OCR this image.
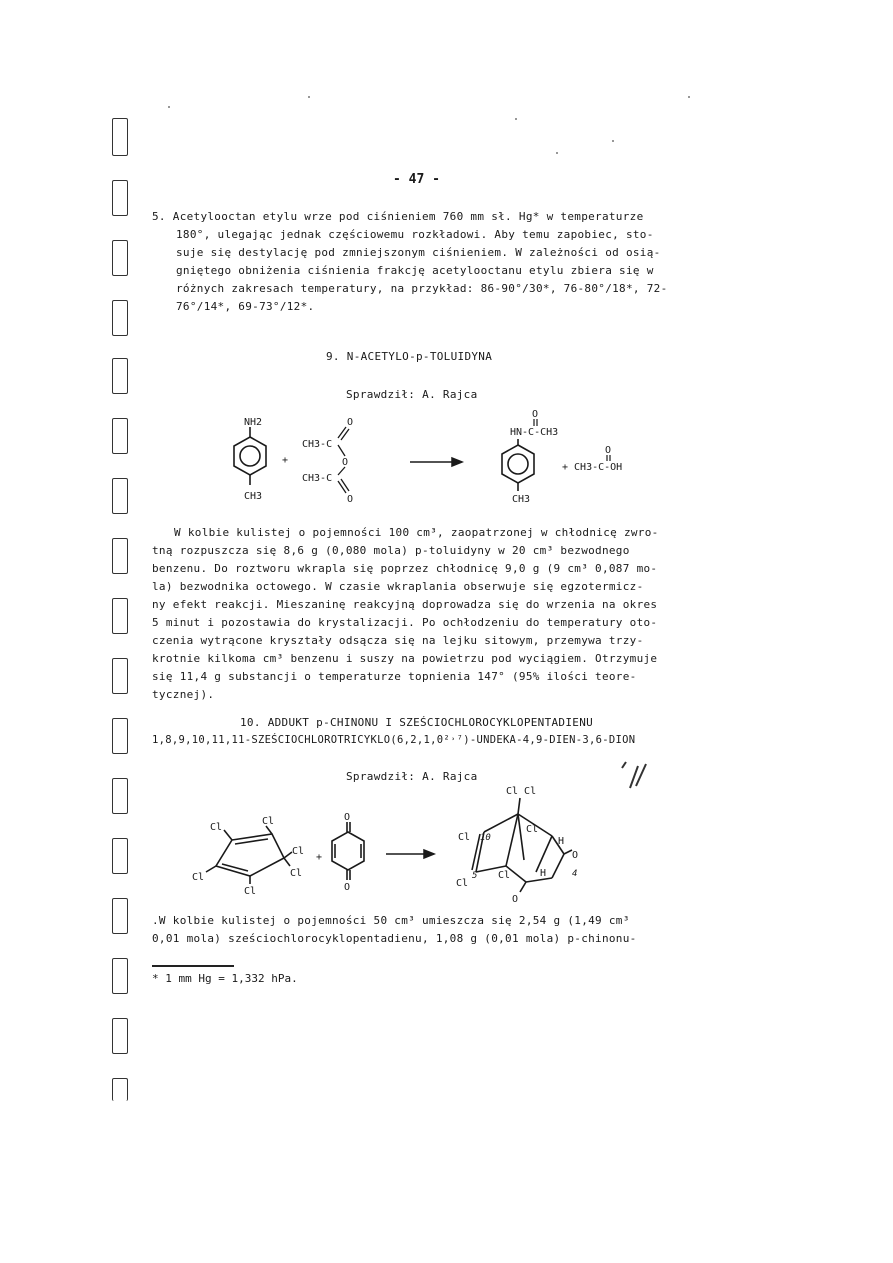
- 47 -
5. Acetylooctan etylu wrze pod ciśnieniem 760 mm sł. Hg* w temperaturze
180°, ulegając jednak częściowemu rozkładowi. Aby temu zapobiec, sto-
suje się destylację pod zmniejszonym ciśnieniem. W zależności od osią-
gniętego obniżenia ciśnienia frakcję acetylooctanu etylu zbiera się w
różnych zakresach temperatury, na przykład: 86-90°/30*, 76-80°/18*, 72-
76°/14*, 69-73°/12*.
9. N-ACETYLO-p-TOLUIDYNA
Sprawdził: A. Rajca
NH2
CH3
+
CH3-C
CH3-C
O
O
O
O
HN-C-CH3
CH3
O
+ CH3-C-OH
W kolbie kulistej o pojemności 100 cm³, zaopatrzonej w chłodnicę zwro-
tną rozpuszcza się 8,6 g (0,080 mola) p-toluidyny w 20 cm³ bezwodnego
benzenu. Do roztworu wkrapla się poprzez chłodnicę 9,0 g (9 cm³ 0,087 mo-
la) bezwodnika octowego. W czasie wkraplania obserwuje się egzotermicz-
ny efekt reakcji. Mieszaninę reakcyjną doprowadza się do wrzenia na okres
5 minut i pozostawia do krystalizacji. Po ochłodzeniu do temperatury oto-
czenia wytrącone kryształy odsącza się na lejku sitowym, przemywa trzy-
krotnie kilkoma cm³ benzenu i suszy na powietrzu pod wyciągiem. Otrzymuje
się 11,4 g substancji o temperaturze topnienia 147° (95% ilości teore-
tycznej).
10. ADDUKT p-CHINONU I SZEŚCIOCHLOROCYKLOPENTADIENU
1,8,9,10,11,11-SZEŚCIOCHLOROTRICYKLO(6,2,1,0²˒⁷)-UNDEKA-4,9-DIEN-3,6-DION
Sprawdził: A. Rajca
Cl
Cl
Cl
Cl
Cl
Cl
+
O
O
Cl Cl
Cl
Cl
Cl
Cl
H
H
O
O
10
5	4
.W kolbie kulistej o pojemności 50 cm³ umieszcza się 2,54 g (1,49 cm³
0,01 mola) sześciochlorocyklopentadienu, 1,08 g (0,01 mola) p-chinonu-
* 1 mm Hg = 1,332 hPa.
